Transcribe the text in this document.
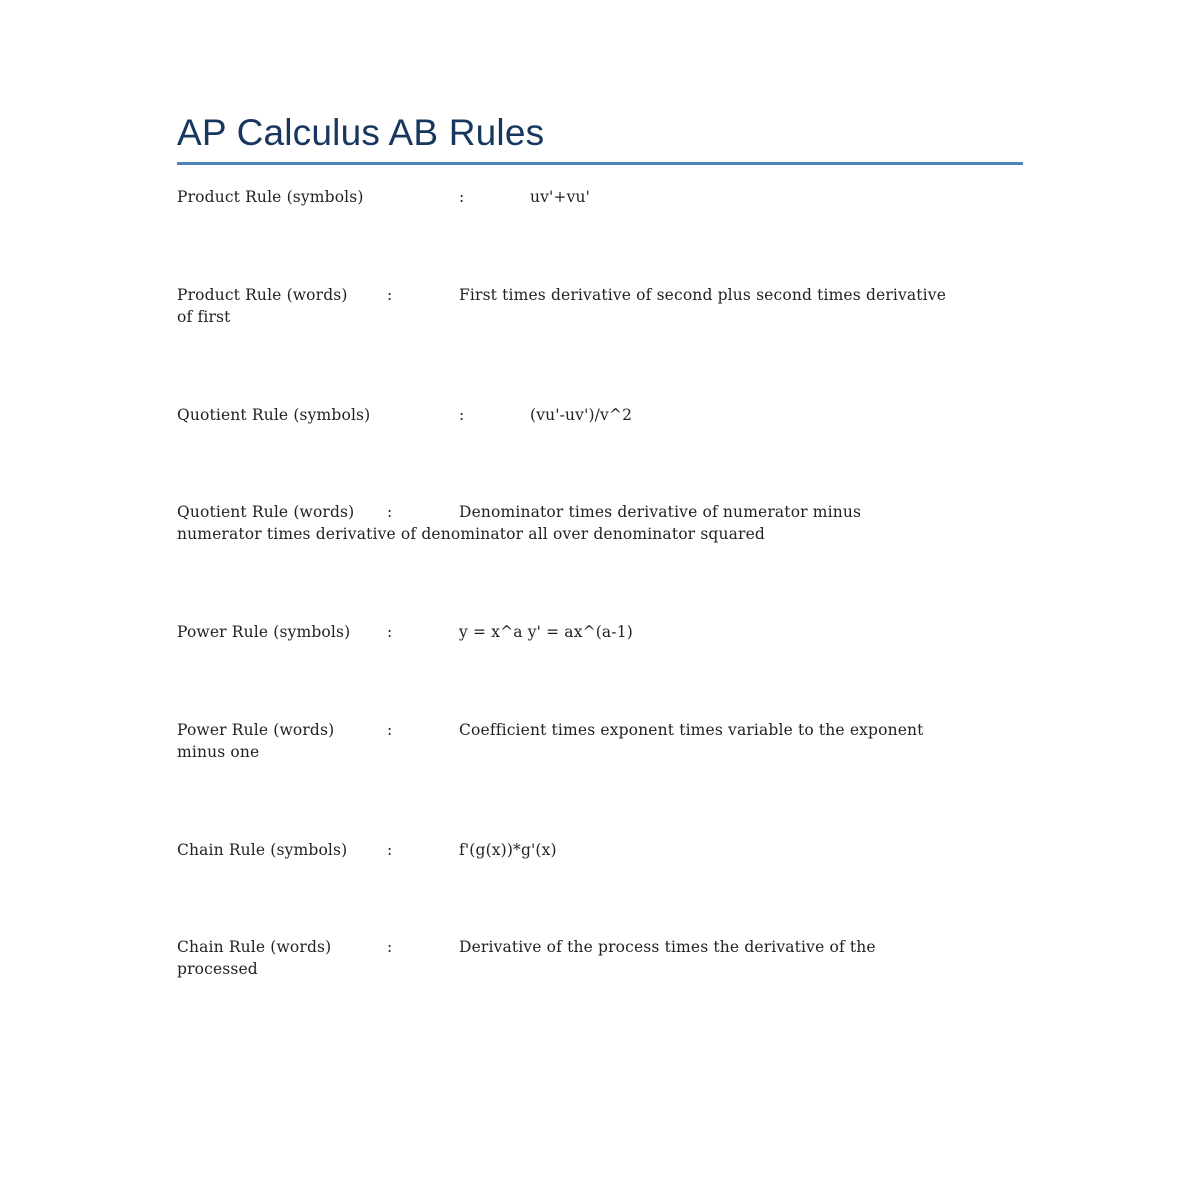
AP Calculus AB Rules
Product Rule (symbols)	:	uv'+vu'
Product Rule (words)	:	First times derivative of second plus second times derivative
of first
Quotient Rule (symbols)	:	(vu'-uv')/v^2
Quotient Rule (words) :	Denominator times derivative of numerator minus
numerator times derivative of denominator all over denominator squared
Power Rule (symbols) :	y = x^a y' = ax^(a-1)
Power Rule (words)	:	Coefficient times exponent times variable to the exponent
minus one
Chain Rule (symbols)	:	f'(g(x))*g'(x)
Chain Rule (words)	:	Derivative of the process times the derivative of the
processed
